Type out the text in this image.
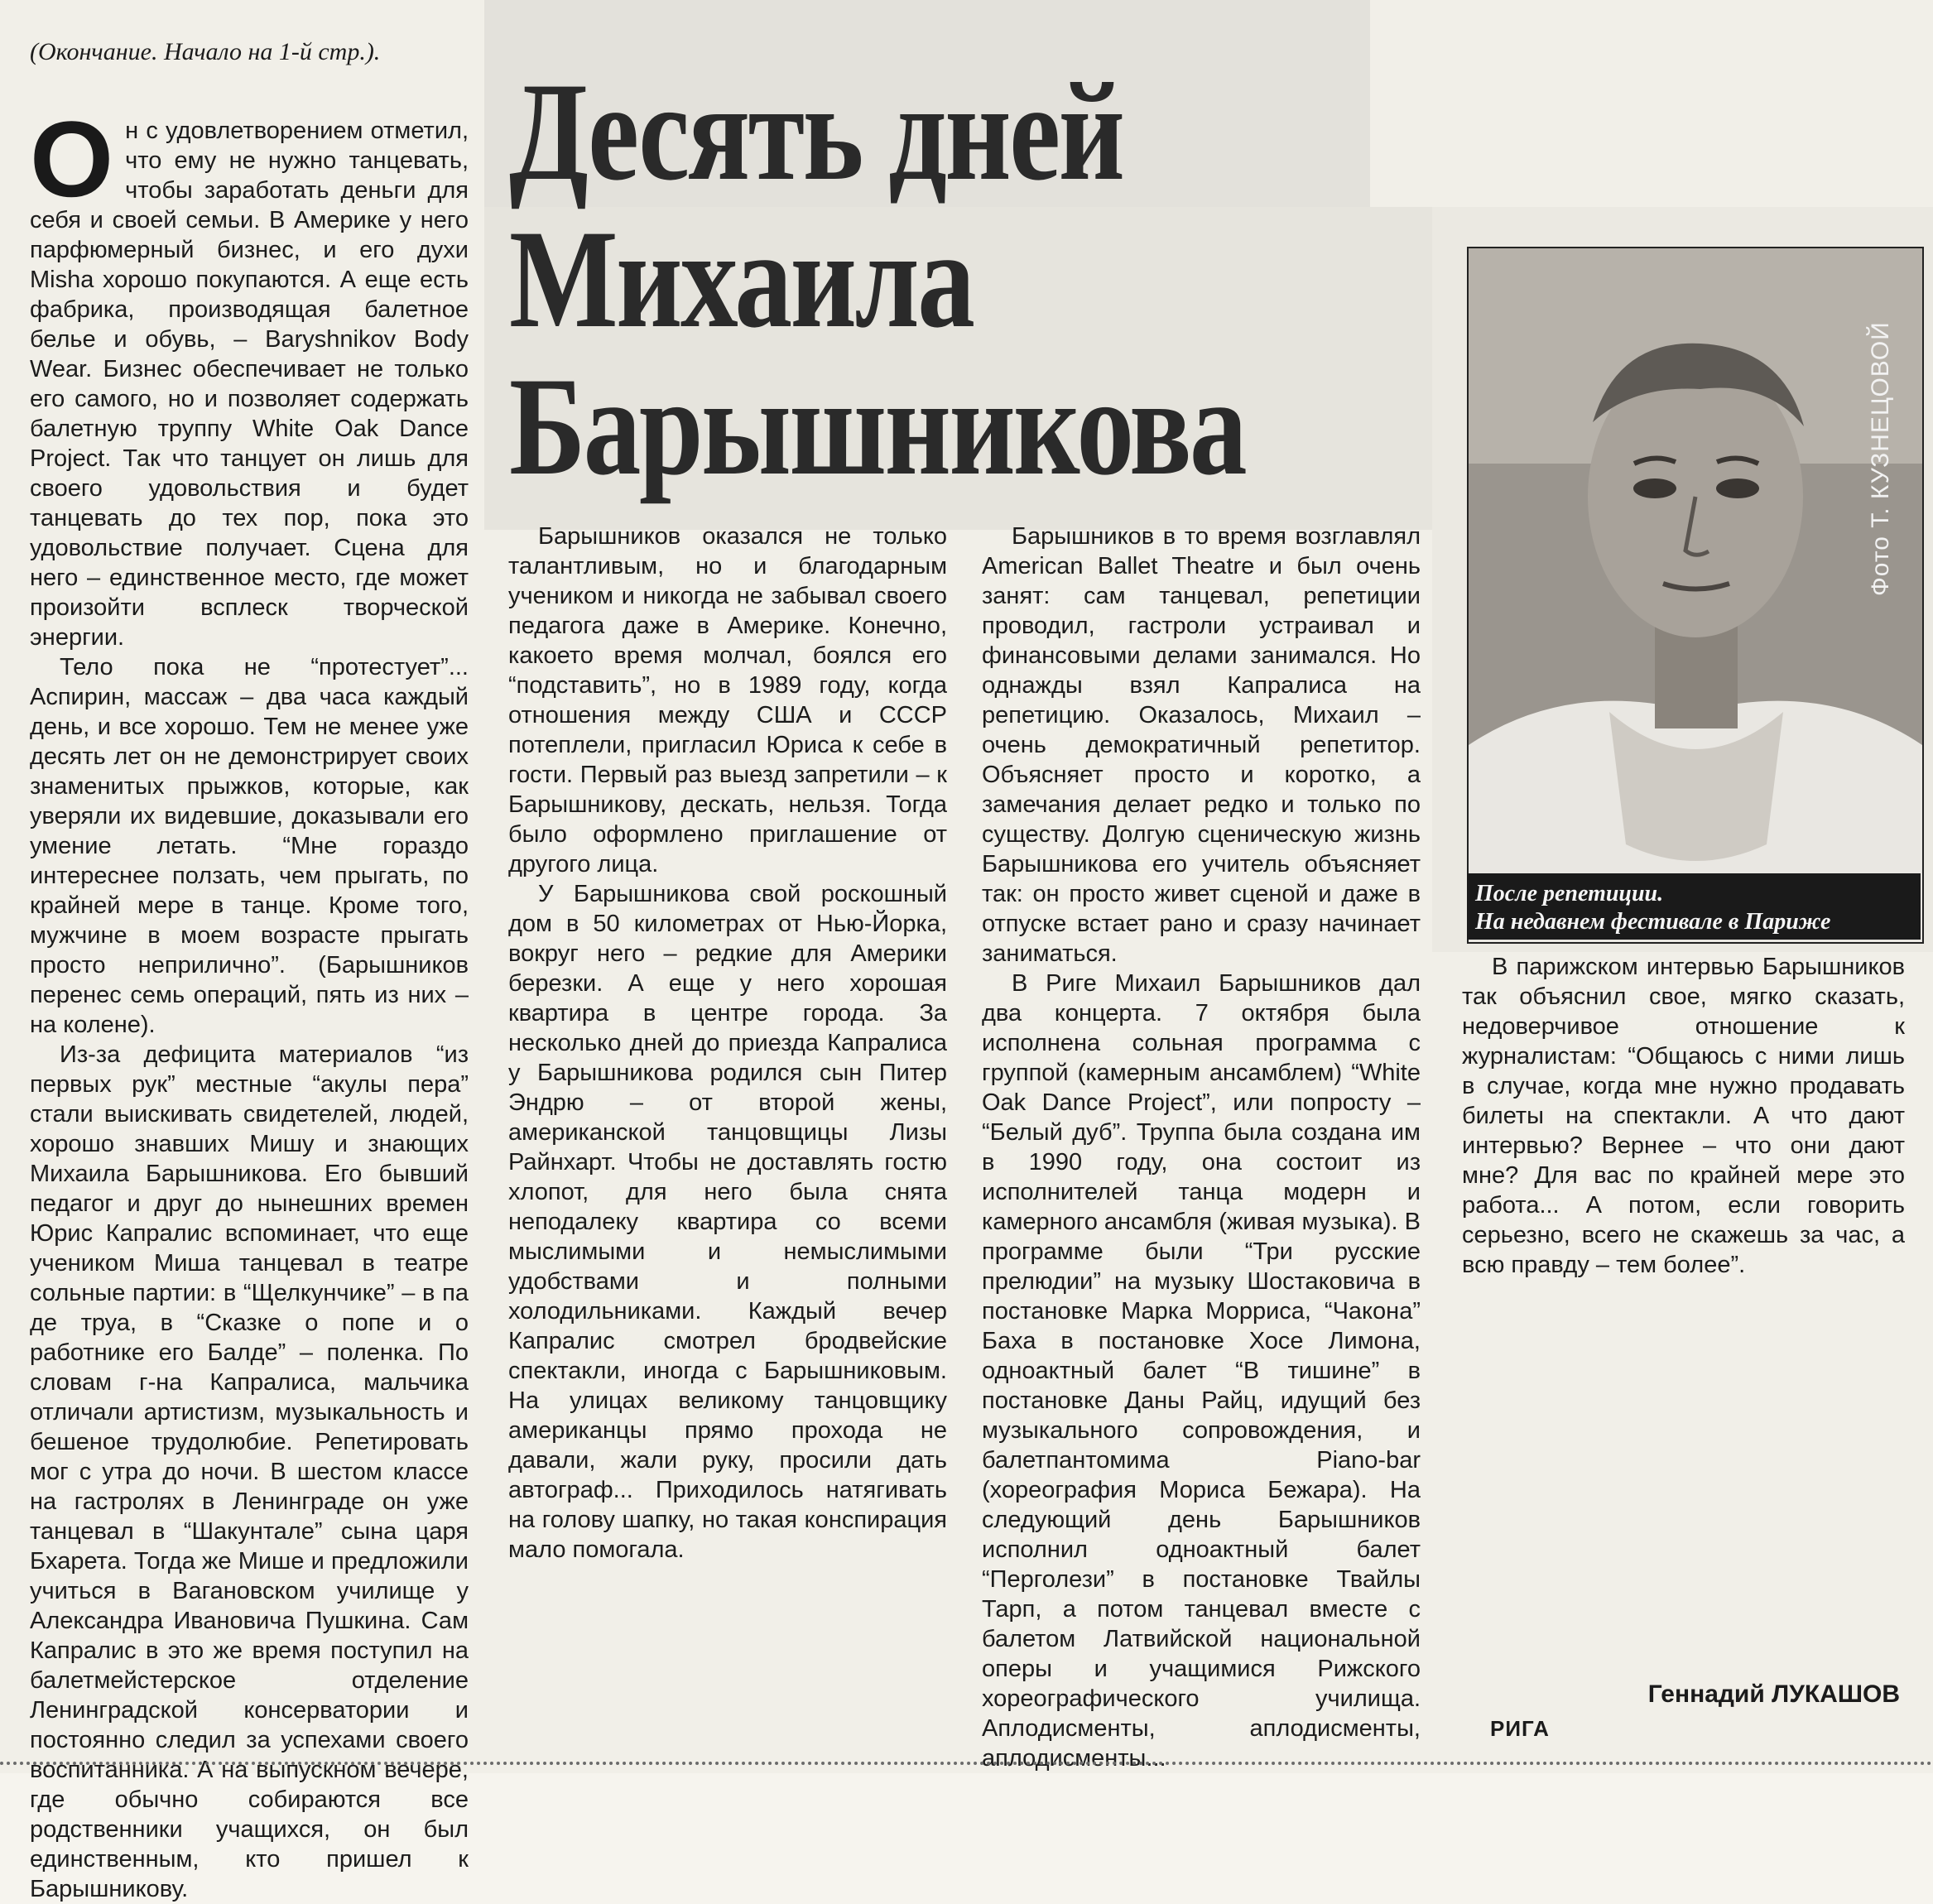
(Окончание. Начало на 1-й стр.).
Десять дней
Михаила
Барышникова

Он с удовлетворением отметил, что ему не нужно танцевать, чтобы заработать деньги для себя и своей семьи. В Америке у него парфюмерный бизнес, и его духи Misha хорошо покупаются. А еще есть фабрика, производящая балетное белье и обувь, – Baryshnikov Body Wear. Бизнес обеспечивает не только его самого, но и позволяет содержать балетную труппу White Oak Dance Project. Так что танцует он лишь для своего удовольствия и будет танцевать до тех пор, пока это удовольствие получает. Сцена для него – единственное место, где может произойти всплеск творческой энергии.

Тело пока не “протестует”... Аспирин, массаж – два часа каждый день, и все хорошо. Тем не менее уже десять лет он не демонстрирует своих знаменитых прыжков, которые, как уверяли их видевшие, доказывали его умение летать. “Мне гораздо интереснее ползать, чем прыгать, по крайней мере в танце. Кроме того, мужчине в моем возрасте прыгать просто неприлично”. (Барышников перенес семь операций, пять из них – на колене).

Из-за дефицита материалов “из первых рук” местные “акулы пера” стали выискивать свидетелей, людей, хорошо знавших Мишу и знающих Михаила Барышникова. Его бывший педагог и друг до нынешних времен Юрис Капралис вспоминает, что еще учеником Миша танцевал в театре сольные партии: в “Щелкунчике” – в па де труа, в “Сказке о попе и о работнике его Балде” – поленка. По словам г-на Капралиса, мальчика отличали артистизм, музыкальность и бешеное трудолюбие. Репетировать мог с утра до ночи. В шестом классе на гастролях в Ленинграде он уже танцевал в “Шакунтале” сына царя Бхарета. Тогда же Мише и предложили учиться в Вагановском училище у Александра Ивановича Пушкина. Сам Капралис в это же время поступил на балетмейстерское отделение Ленинградской консерватории и постоянно следил за успехами своего воспитанника. А на выпускном вечере, где обычно собираются все родственники учащихся, он был единственным, кто пришел к Барышникову.

Барышников оказался не только талантливым, но и благодарным учеником и никогда не забывал своего педагога даже в Америке. Конечно, какоето время молчал, боялся его “подставить”, но в 1989 году, когда отношения между США и СССР потеплели, пригласил Юриса к себе в гости. Первый раз выезд запретили – к Барышникову, дескать, нельзя. Тогда было оформлено приглашение от другого лица.

У Барышникова свой роскошный дом в 50 километрах от Нью-Йорка, вокруг него – редкие для Америки березки. А еще у него хорошая квартира в центре города. За несколько дней до приезда Капралиса у Барышникова родился сын Питер Эндрю – от второй жены, американской танцовщицы Лизы Райнхарт. Чтобы не доставлять гостю хлопот, для него была снята неподалеку квартира со всеми мыслимыми и немыслимыми удобствами и полными холодильниками. Каждый вечер Капралис смотрел бродвейские спектакли, иногда с Барышниковым. На улицах великому танцовщику американцы прямо прохода не давали, жали руку, просили дать автограф... Приходилось натягивать на голову шапку, но такая конспирация мало помогала.

Барышников в то время возглавлял American Ballet Theatre и был очень занят: сам танцевал, репетиции проводил, гастроли устраивал и финансовыми делами занимался. Но однажды взял Капралиса на репетицию. Оказалось, Михаил – очень демократичный репетитор. Объясняет просто и коротко, а замечания делает редко и только по существу. Долгую сценическую жизнь Барышникова его учитель объясняет так: он просто живет сценой и даже в отпуске встает рано и сразу начинает заниматься.

В Риге Михаил Барышников дал два концерта. 7 октября была исполнена сольная программа с группой (камерным ансамблем) “White Oak Dance Project”, или попросту – “Белый дуб”. Труппа была создана им в 1990 году, она состоит из исполнителей танца модерн и камерного ансамбля (живая музыка). В программе были “Три русские прелюдии” на музыку Шостаковича в постановке Марка Морриса, “Чакона” Баха в постановке Хосе Лимона, одноактный балет “В тишине” в постановке Даны Райц, идущий без музыкального сопровождения, и балетпантомима Piano-bar (хореография Мориса Бежара). На следующий день Барышников исполнил одноактный балет “Перголези” в постановке Твайлы Тарп, а потом танцевал вместе с балетом Латвийской национальной оперы и учащимися Рижского хореографического училища. Аплодисменты, аплодисменты, аплодисменты...

Фото Т. КУЗНЕЦОВОЙ
После репетиции.
На недавнем фестивале в Париже

В парижском интервью Барышников так объяснил свое, мягко сказать, недоверчивое отношение к журналистам: “Общаюсь с ними лишь в случае, когда мне нужно продавать билеты на спектакли. А что дают интервью? Вернее – что они дают мне? Для вас по крайней мере это работа... А потом, если говорить серьезно, всего не скажешь за час, а всю правду – тем более”.

Геннадий ЛУКАШОВ
РИГА
